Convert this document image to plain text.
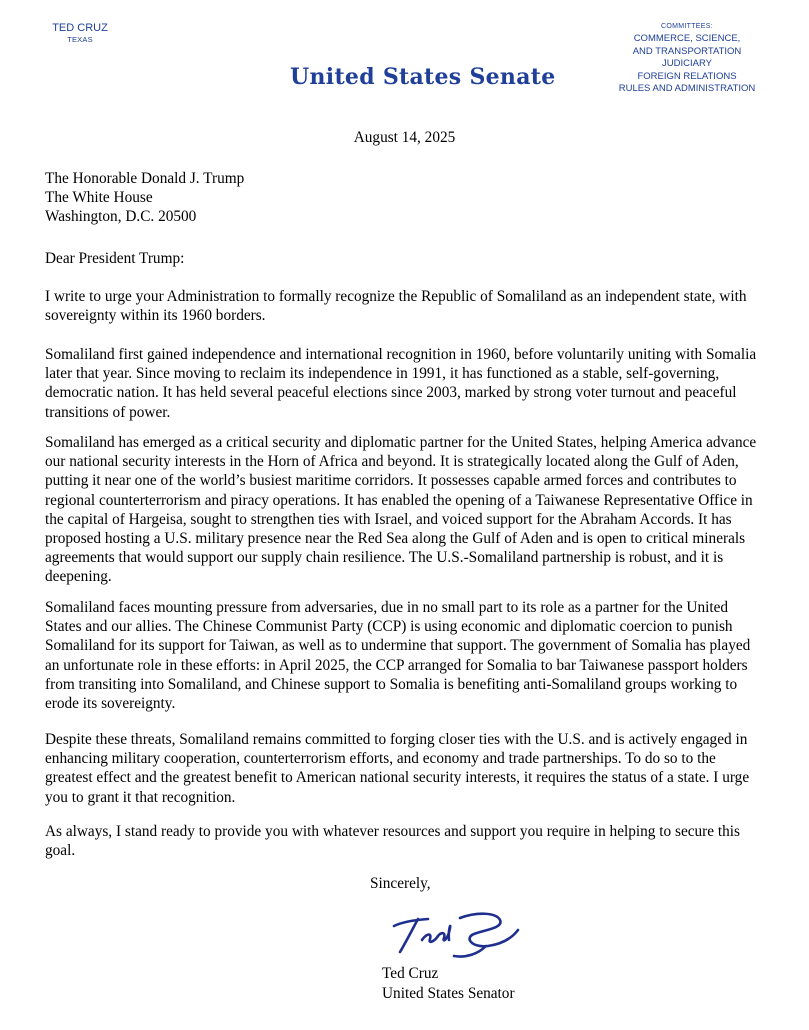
TED CRUZ
TEXAS
United States Senate
COMMITTEES:
COMMERCE, SCIENCE,
AND TRANSPORTATION
JUDICIARY
FOREIGN RELATIONS
RULES AND ADMINISTRATION
August 14, 2025

The Honorable Donald J. Trump

The White House

Washington, D.C. 20500

Dear President Trump:
I write to urge your Administration to formally recognize the Republic of Somaliland as an independent state, with sovereignty within its 1960 borders.
Somaliland first gained independence and international recognition in 1960, before voluntarily uniting with Somalia later that year. Since moving to reclaim its independence in 1991, it has functioned as a stable, self-governing, democratic nation. It has held several peaceful elections since 2003, marked by strong voter turnout and peaceful transitions of power.
Somaliland has emerged as a critical security and diplomatic partner for the United States, helping America advance our national security interests in the Horn of Africa and beyond. It is strategically located along the Gulf of Aden, putting it near one of the world’s busiest maritime corridors. It possesses capable armed forces and contributes to regional counterterrorism and piracy operations. It has enabled the opening of a Taiwanese Representative Office in the capital of Hargeisa, sought to strengthen ties with Israel, and voiced support for the Abraham Accords. It has proposed hosting a U.S. military presence near the Red Sea along the Gulf of Aden and is open to critical minerals agreements that would support our supply chain resilience. The U.S.-Somaliland partnership is robust, and it is deepening.
Somaliland faces mounting pressure from adversaries, due in no small part to its role as a partner for the United States and our allies. The Chinese Communist Party (CCP) is using economic and diplomatic coercion to punish Somaliland for its support for Taiwan, as well as to undermine that support. The government of Somalia has played an unfortunate role in these efforts: in April 2025, the CCP arranged for Somalia to bar Taiwanese passport holders from transiting into Somaliland, and Chinese support to Somalia is benefiting anti-Somaliland groups working to erode its sovereignty.
Despite these threats, Somaliland remains committed to forging closer ties with the U.S. and is actively engaged in enhancing military cooperation, counterterrorism efforts, and economy and trade partnerships. To do so to the greatest effect and the greatest benefit to American national security interests, it requires the status of a state. I urge you to grant it that recognition.
As always, I stand ready to provide you with whatever resources and support you require in helping to secure this goal.
Sincerely,
Ted Cruz
United States Senator
